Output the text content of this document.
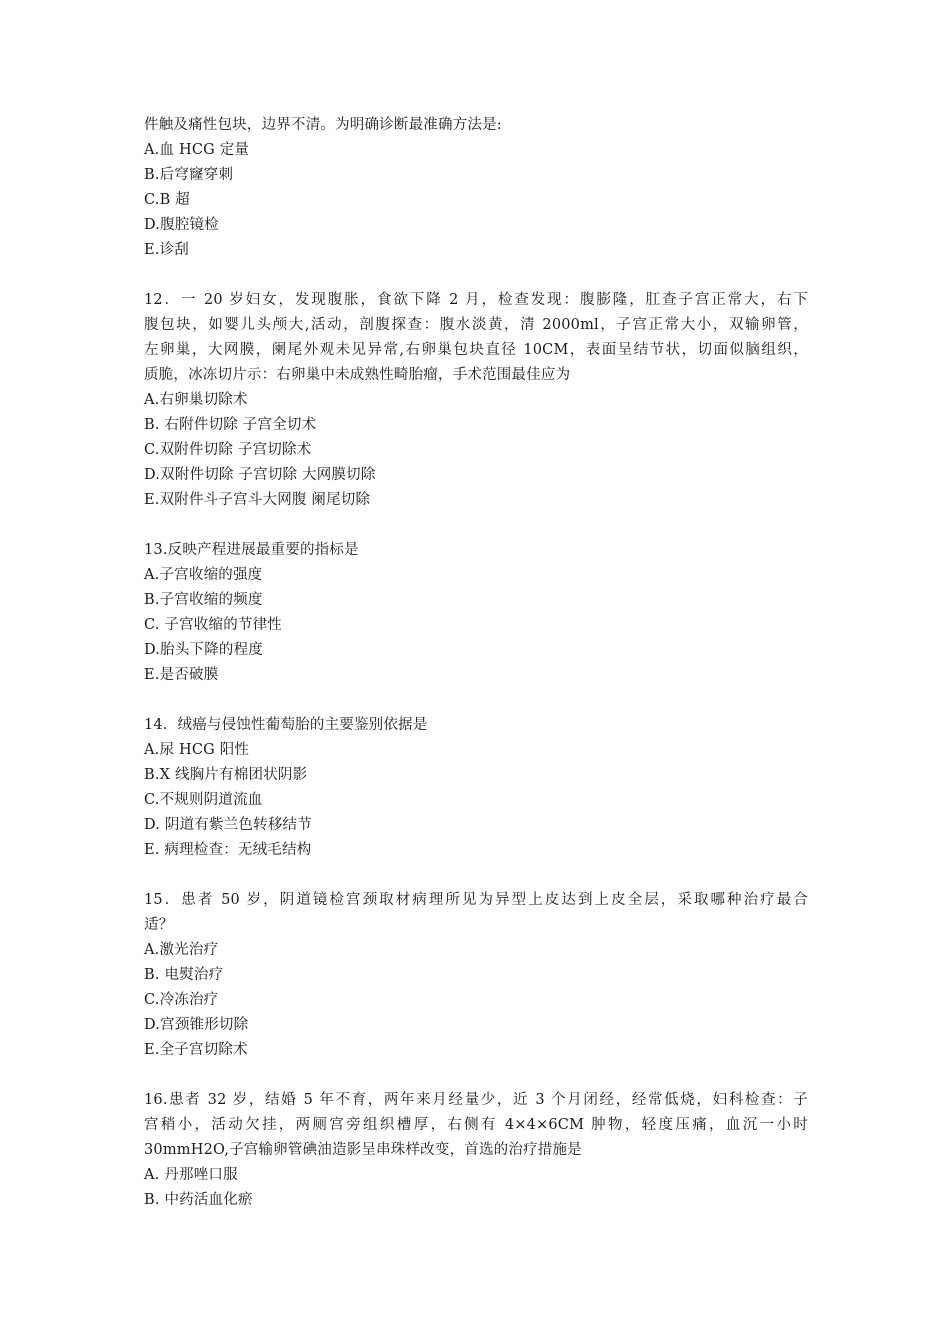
件触及痛性包块，边界不清。为明确诊断最准确方法是:
A.血 HCG 定量
B.后穹窿穿刺
C.B 超
D.腹腔镜检
E.诊刮
12．一 20 岁妇女，发现腹胀，食欲下降 2 月，检查发现：腹膨隆，肛查子宫正常大，右下
腹包块，如婴儿头颅大,活动，剖腹探查：腹水淡黄，清 2000ml，子宫正常大小，双输卵管，
左卵巢，大网膜，阑尾外观未见异常,右卵巢包块直径 10CM，表面呈结节状，切面似脑组织，
质脆，冰冻切片示：右卵巢中未成熟性畸胎瘤，手术范围最佳应为
A.右卵巢切除术
B. 右附件切除 子宫全切术
C.双附件切除 子宫切除术
D.双附件切除 子宫切除 大网膜切除
E.双附件斗子宫斗大网腹 阑尾切除
13.反映产程进展最重要的指标是
A.子宫收缩的强度
B.子宫收缩的频度
C. 子宫收缩的节律性
D.胎头下降的程度
E.是否破膜
14．绒癌与侵蚀性葡萄胎的主要鉴别依据是
A.尿 HCG 阳性
B.X 线胸片有棉团状阴影
C.不规则阴道流血
D. 阴道有紫兰色转移结节
E. 病理检查：无绒毛结构
15．患者 50 岁，阴道镜检宫颈取材病理所见为异型上皮达到上皮全层，采取哪种治疗最合
适？
A.激光治疗
B. 电熨治疗
C.冷冻治疗
D.宫颈锥形切除
E.全子宫切除术
16.患者 32 岁，结婚 5 年不育，两年来月经量少，近 3 个月闭经，经常低烧，妇科检查：子
宫稍小，活动欠挂，两厕宫旁组织槽厚，右侧有 4×4×6CM 肿物，轻度压痛，血沉一小时
30mmH2O,子宫输卵管碘油造影呈串珠样改变，首选的治疗措施是
A. 丹那唑口服
B. 中药活血化瘀
